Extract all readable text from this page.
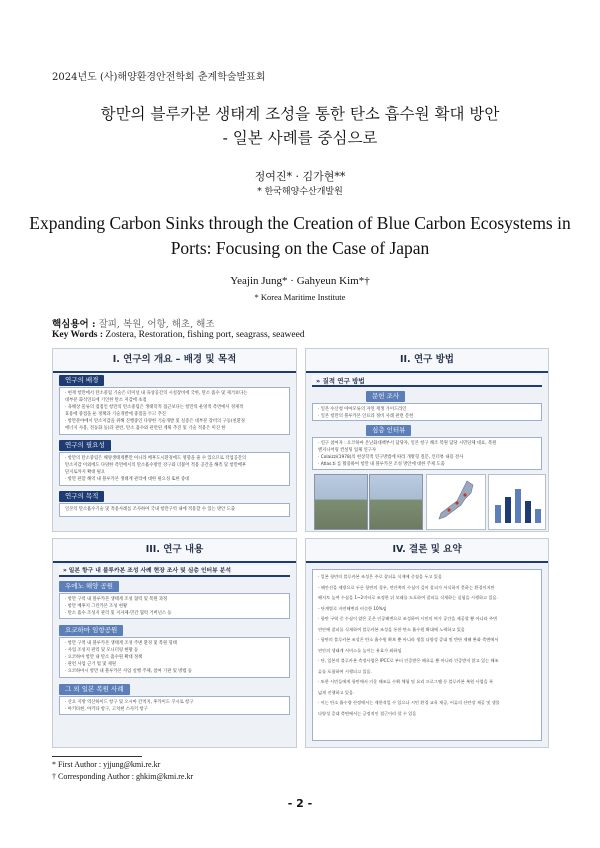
2024년도 (사)해양환경안전학회 춘계학술발표회
항만의 블루카본 생태계 조성을 통한 탄소 흡수원 확대 방안
- 일본 사례를 중심으로
정여진* · 김가현**
* 한국해양수산개발원
Expanding Carbon Sinks through the Creation of Blue Carbon Ecosystems in
Ports: Focusing on the Case of Japan
Yeajin Jung* · Gahyeun Kim*†
* Korea Maritime Institute
핵심용어 : 잘피, 복원, 어항, 해초, 해조
Key Words : Zostera, Restoration, fishing port, seagrass, seaweed
I. 연구의 개요 – 배경 및 목적
연구의 배경
· 현재 항만에서 탄소중립 기술은 터미널 내 육상공간의 시설장비에 국한, 탄소 흡수 및 제거보다는
대부분 화석연료에 기인한 탄소 저감에 초점
· 육해상 물류의 접점인 항만의 탄소중립은 생태학적 접근보다는 항만의 운영적 측면에서 경제적
효용에 중점을 둔 정책과 기술개발에 중점을 두고 추진
· 항만분야에서 탄소저감을 위해 진행중인 다양한 기술개발 및 실증은 대부분 장비의 구동(친환경
에너지 사용, 전동화 등)과 관련, 탄소 흡수와 관련된 계획 추진 및 기술 적용은 미진 한
연구의 필요성
· 항만의 탄소중립은 해양생태계뿐만 아니라 배후도시환경에도 영향을 줄 수 있으므로 작업공간의
탄소저감 이외에도 다양한 측면에서의 탄소흡수방안 강구와 더불어 적용 공간을 해측 및 항만배후
단지로까지 확대 필요
· 항만 관할 해역 내 블루카본 생태계 관리에 대한 필요성 또한 증대
연구의 목적
일본의 탄소흡수기술 및 적용사례를 조사하여 국내 항만구역 내에 적용할 수 있는 방안 도출
II. 연구 방법
» 질적 연구 방법
문헌 조사
· 일본 수산청 아마모류의 자연 재생 가이드라인
· 일본 항만의 블루카본 인프라 정비 사례 관련 문헌
심층 인터뷰
· 연구 참여자 : 요코하마 온난화대책부서 담당자, 일본 항구 해조 복원 담당 시민단체 대표, 복원
엔지니어링 컨설팅 업체 연구자
· Colaizzi(1978)의 현상학적 연구방법에 따라 개방형 질문, 인터뷰 내용 전사
· Atlas.ti 를 활용하여 항만 내 블루카본 조성 방안에 대한 주제 도출
III. 연구 내용
» 일본 항구 내 블루카본 조성 사례 현장 조사 및 심층 인터뷰 분석
우에노 해양 공원
· 항만 구역 내 블루카본 생태계 조성 협력 및 복원 과정
· 항만 배후지 그린카본 조성 현황
· 탄소 흡수 조성지 관리 및 지자체-민간 협력 거버넌스 등
요코하마 임항공원
· 항만 구역 내 블루카본 생태계 조성 주변 환경 및 복원 형태
· 사업 조성지 관리 및 모니터링 현황 등
· 요코하마 항만 내 탄소 흡수원 확대 정책
· 관련 사업 근거 법 및 제원
· 요코하마시 항만 내 블루카본 사업 실행 주체, 참여 기관 및 방법 등
그 외 일본 복원 사례
· 산요 지방 역산하이드 항구 및 오시마 간척지, 후카이도 쿠시로 항구
· 아키타현, 아키타 항구, 고치현 스사키 항구
IV. 결론 및 요약
· 일본 항만의 블루카본 조성은 주로 잘피류 식재에 중점을 두고 있음
- 해안선을 제방으로 두른 항만의 경우, 연안쪽의 수심이 깊어 잘피가 서식하지 못하는 환경이지만
해저토 높여 수심을 1~2미터로 조정한 뒤 모래를 도포하여 잘피류 식재하는 실험을 시행하고 있음.
- 단계별로 자연해변과 비슷한 10%임
· 항만 구역 중 수심이 얕은 곳은 인공해변으로 조성하여 시민의 여가 공간을 제공할 뿐 아니라 주변
연안에 잘피를 식재하여 블루카본 조성을 통한 탄소 흡수원 확대에 노력하고 있음
· 항만의 블루카본 조성은 탄소 흡수원 확보 뿐 아니라 생물 다양성 증대 및 반단 재해 완화 측면에서
연안의 생태계 서비스를 높이는 유효가 좌하임
· 단, 일본의 블루카본 측정사업은 IPCC로 부터 인증받은 해초류 뿐 아니라 인증받지 않고 있는 해조
류를 포함하여 시행되고 있음.
· 또한 시민들에게 항만에서 키운 해조류 수확 체험 및 요리 프로그램 등 블루카본 복원 사업을 폭
넓게 진행하고 있음.
· 이는 탄소 흡수량 산정에서는 제한적일 수 있으나 시민 환경 교육 제공, 어류의 산란장 제공 및 생물
다양성 증대 측면에서는 긍정적인 접근이라 할 수 있음
* First Author : yjjung@kmi.re.kr
† Corresponding Author : ghkim@kmi.re.kr
- 2 -
